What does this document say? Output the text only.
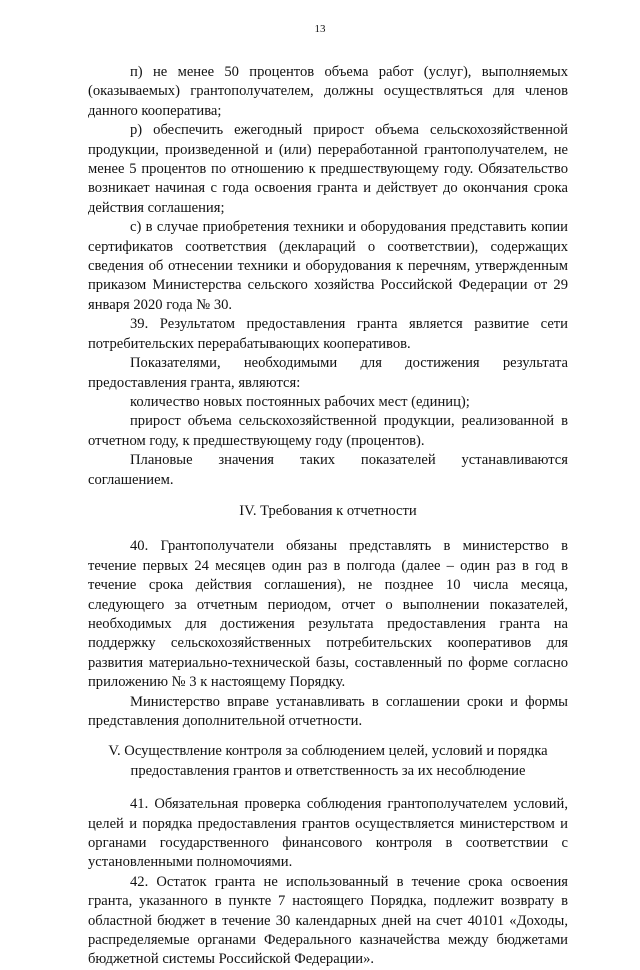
13

п) не менее 50 процентов объема работ (услуг), выполняемых (оказываемых) грантополучателем, должны осуществляться для членов данного кооператива;

р) обеспечить ежегодный прирост объема сельскохозяйственной продукции, произведенной и (или) переработанной грантополучателем, не менее 5 процентов по отношению к предшествующему году. Обязательство возникает начиная с года освоения гранта и действует до окончания срока действия соглашения;

с) в случае приобретения техники и оборудования представить копии сертификатов соответствия (деклараций о соответствии), содержащих сведения об отнесении техники и оборудования к перечням, утвержденным приказом Министерства сельского хозяйства Российской Федерации от 29 января 2020 года № 30.

39. Результатом предоставления гранта является развитие сети потребительских перерабатывающих кооперативов.

Показателями, необходимыми для достижения результата предоставления гранта, являются:

количество новых постоянных рабочих мест (единиц);

прирост объема сельскохозяйственной продукции, реализованной в отчетном году, к предшествующему году (процентов).

Плановые значения таких показателей устанавливаются соглашением.

IV. Требования к отчетности

40. Грантополучатели обязаны представлять в министерство в течение первых 24 месяцев один раз в полгода (далее – один раз в год в течение срока действия соглашения), не позднее 10 числа месяца, следующего за отчетным периодом, отчет о выполнении показателей, необходимых для достижения результата предоставления гранта на поддержку сельскохозяйственных потребительских кооперативов для развития материально-технической базы, составленный по форме согласно приложению № 3 к настоящему Порядку.

Министерство вправе устанавливать в соглашении сроки и формы представления дополнительной отчетности.

V. Осуществление контроля за соблюдением целей, условий и порядка
предоставления грантов и ответственность за их несоблюдение

41. Обязательная проверка соблюдения грантополучателем условий, целей и порядка предоставления грантов осуществляется министерством и органами государственного финансового контроля в соответствии с установленными полномочиями.

42. Остаток гранта не использованный в течение срока освоения гранта, указанного в пункте 7 настоящего Порядка, подлежит возврату в областной бюджет в течение 30 календарных дней на счет 40101 «Доходы, распределяемые органами Федерального казначейства между бюджетами бюджетной системы Российской Федерации».
